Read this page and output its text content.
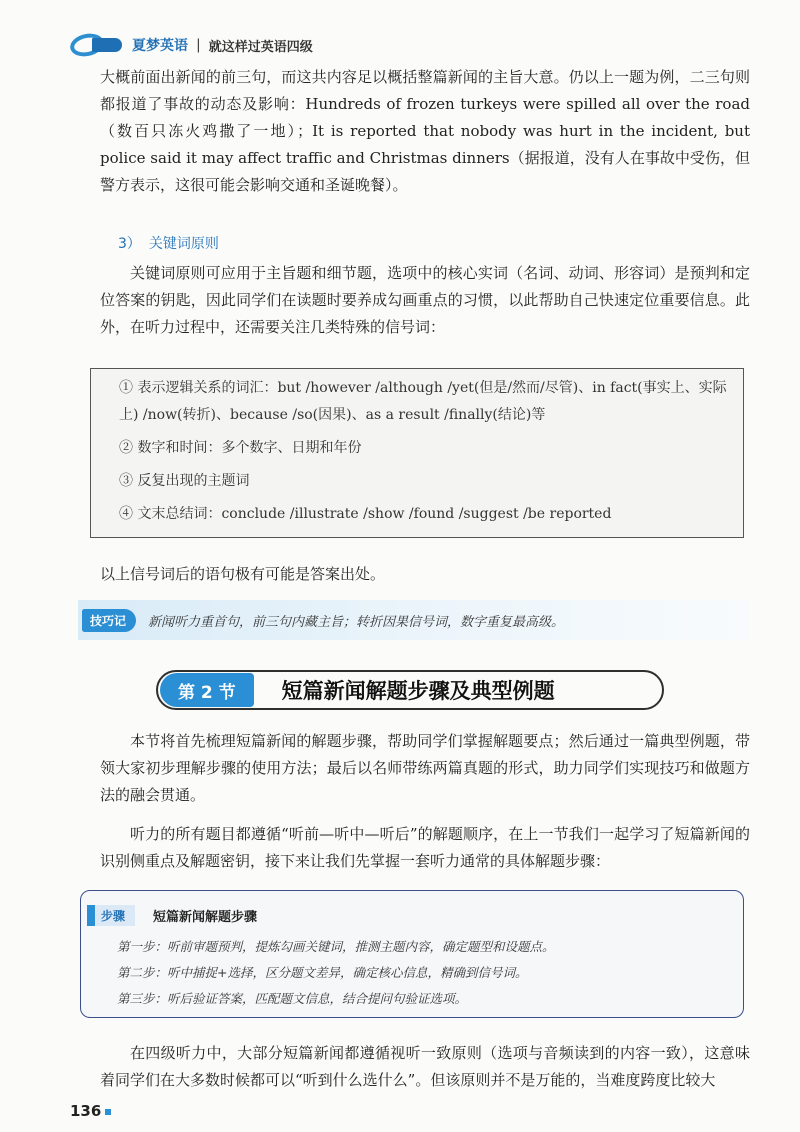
夏梦英语 | 就这样过英语四级
大概前面出新闻的前三句，而这共内容足以概括整篇新闻的主旨大意。仍以上一题为例，二三句则都报道了事故的动态及影响：Hundreds of frozen turkeys were spilled all over the road（数百只冻火鸡撒了一地）；It is reported that nobody was hurt in the incident, but police said it may affect traffic and Christmas dinners（据报道，没有人在事故中受伤，但警方表示，这很可能会影响交通和圣诞晚餐）。
3） 关键词原则
关键词原则可应用于主旨题和细节题，选项中的核心实词（名词、动词、形容词）是预判和定位答案的钥匙，因此同学们在读题时要养成勾画重点的习惯，以此帮助自己快速定位重要信息。此外，在听力过程中，还需要关注几类特殊的信号词：
① 表示逻辑关系的词汇：but /however /although /yet(但是/然而/尽管)、in fact(事实上、实际上) /now(转折)、because /so(因果)、as a result /finally(结论)等
② 数字和时间：多个数字、日期和年份
③ 反复出现的主题词
④ 文末总结词：conclude /illustrate /show /found /suggest /be reported
以上信号词后的语句极有可能是答案出处。
技巧记	新闻听力重首句，前三句内藏主旨；转折因果信号词，数字重复最高级。
第 2 节	短篇新闻解题步骤及典型例题
本节将首先梳理短篇新闻的解题步骤，帮助同学们掌握解题要点；然后通过一篇典型例题，带领大家初步理解步骤的使用方法；最后以名师带练两篇真题的形式，助力同学们实现技巧和做题方法的融会贯通。
听力的所有题目都遵循“听前—听中—听后”的解题顺序，在上一节我们一起学习了短篇新闻的识别侧重点及解题密钥，接下来让我们先掌握一套听力通常的具体解题步骤：
步骤	短篇新闻解题步骤
第一步：听前审题预判，提炼勾画关键词，推测主题内容，确定题型和设题点。
第二步：听中捕捉+选择，区分题文差异，确定核心信息，精确到信号词。
第三步：听后验证答案，匹配题文信息，结合提问句验证选项。
在四级听力中，大部分短篇新闻都遵循视听一致原则（选项与音频读到的内容一致），这意味着同学们在大多数时候都可以“听到什么选什么”。但该原则并不是万能的，当难度跨度比较大
136
